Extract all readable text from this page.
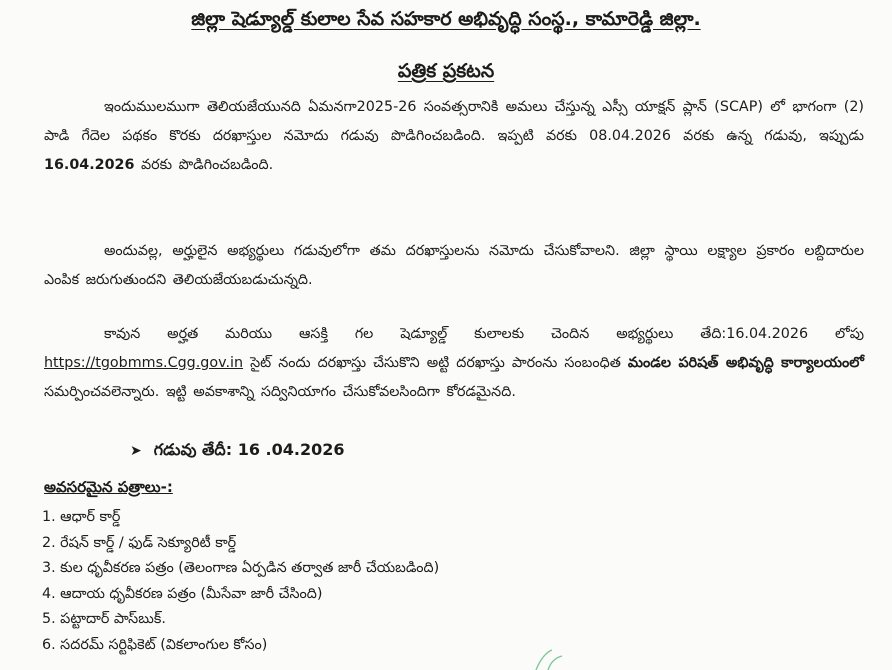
జిల్లా షెడ్యూల్డ్ కులాల సేవ సహకార అభివృద్ధి సంస్థ., కామారెడ్డి జిల్లా.
పత్రిక ప్రకటన
ఇందుములముగా తెలియజేయునది ఏమనగా2025-26 సంవత్సరానికి అమలు చేస్తున్న ఎస్సీ యాక్షన్ ప్లాన్ (SCAP) లో భాగంగా (2) పాడి గేదెల పథకం కొరకు దరఖాస్తుల నమోదు గడువు పొడిగించబడింది. ఇప్పటి వరకు 08.04.2026 వరకు ఉన్న గడువు, ఇప్పుడు 16.04.2026 వరకు పొడిగించబడింది.
అందువల్ల, అర్హులైన అభ్యర్థులు గడువులోగా తమ దరఖాస్తులను నమోదు చేసుకోవాలని. జిల్లా స్థాయి లక్ష్యాల ప్రకారం లబ్దిదారుల ఎంపిక జరుగుతుందని తెలియజేయబడుచున్నది.
కావున అర్హత మరియు ఆసక్తి గల షెడ్యూల్డ్ కులాలకు చెందిన అభ్యర్థులు తేది:16.04.2026 లోపు https://tgobmms.Cgg.gov.in సైట్ నందు దరఖాస్తు చేసుకొని అట్టి దరఖాస్తు పారంను సంబంధిత మండల పరిషత్ అభివృద్ధి కార్యాలయంలో సమర్పించవలెన్నారు. ఇట్టి అవకాశాన్ని సద్వినియాగం చేసుకోవలసిందిగా కోరడమైనది.
➤ గడువు తేదీ: 16 .04.2026
అవసరమైన పత్రాలు-:
1. ఆధార్ కార్డ్
2. రేషన్ కార్డ్ / ఫుడ్ సెక్యూరిటీ కార్డ్
3. కుల ధృవీకరణ పత్రం (తెలంగాణ ఏర్పడిన తర్వాత జారీ చేయబడింది)
4. ఆదాయ ధృవీకరణ పత్రం (మీసేవా జారీ చేసింది)
5. పట్టాదార్ పాస్‌బుక్.
6. సదరమ్ సర్టిఫికెట్ (వికలాంగుల కోసం)
